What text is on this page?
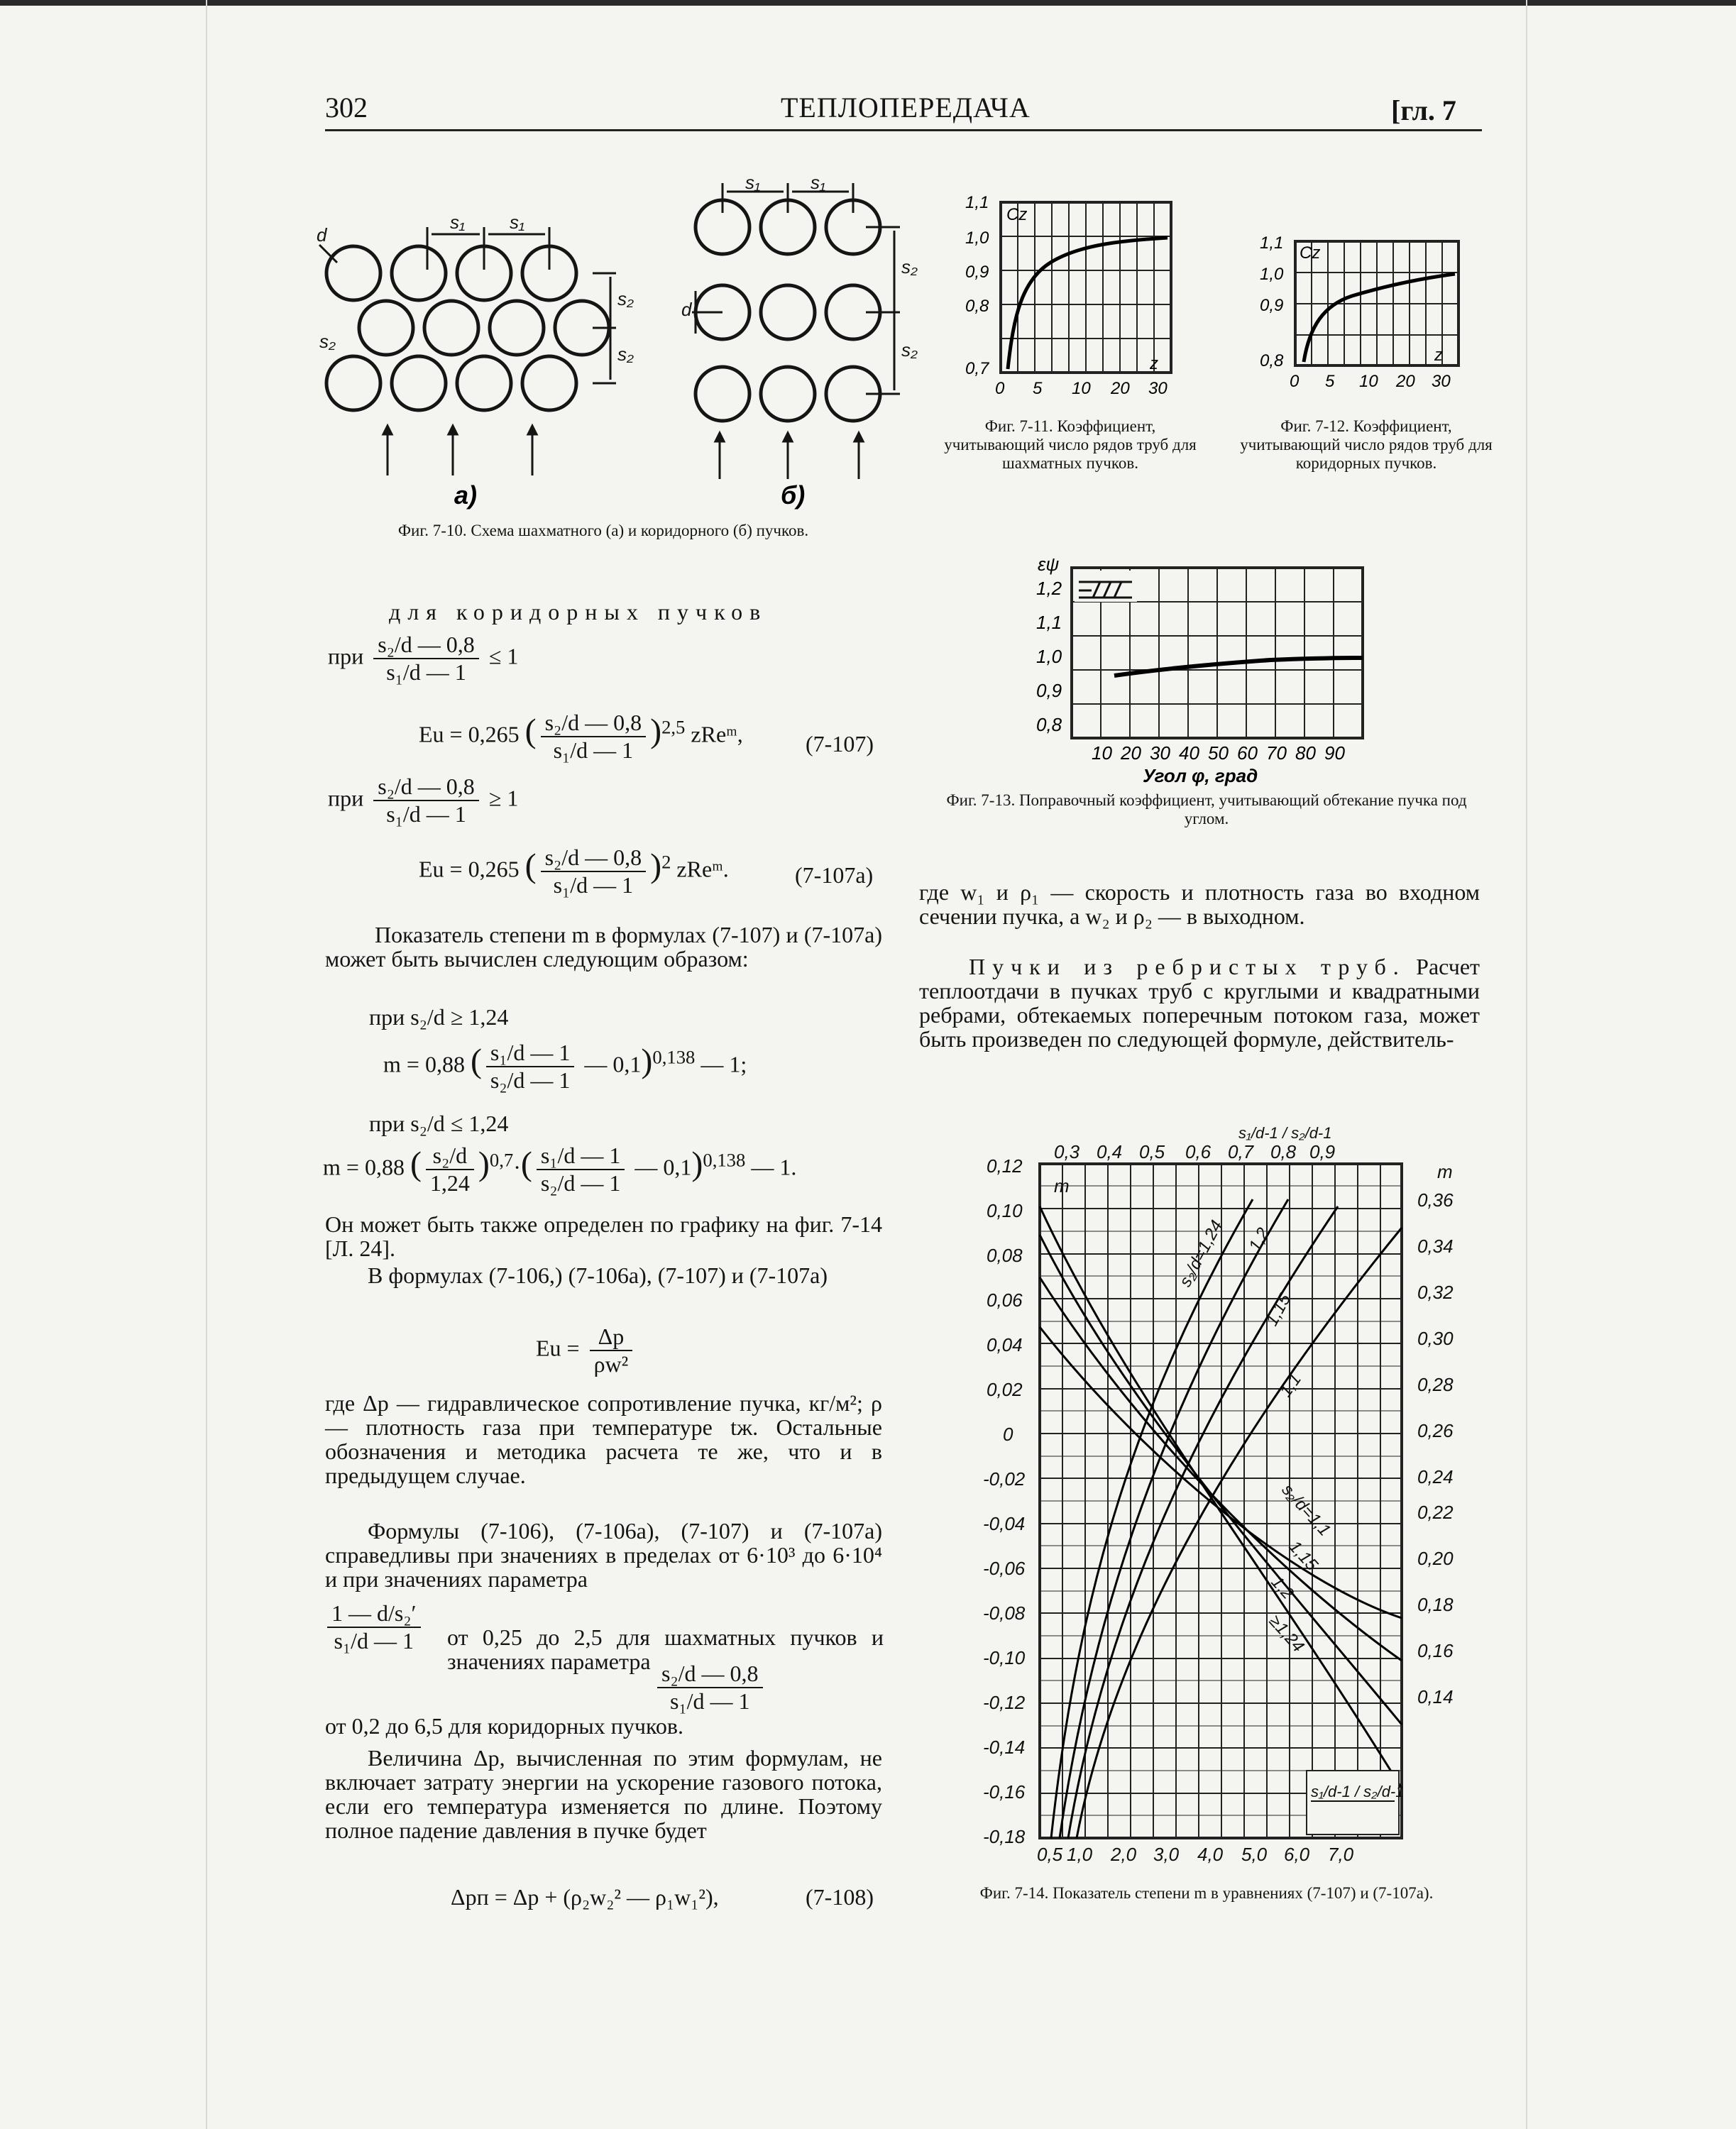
302	ТЕПЛОПЕРЕДАЧА	[гл. 7
s₁ s₁
s₂
s₂
s₁	s₁
s₂
s₂
d
d
s₂
а)	б)
Фиг. 7-10. Схема шахматного (а) и коридорного (б) пучков.
Cz
z
1,1
1,0
0,9
0,8
0,7
0 5 10 20 30
Фиг. 7-11. Коэффициент, учитывающий число рядов труб для шахматных пучков.
Cz
z
1,1
1,0
0,9
0,8
0 5 10 20 30
Фиг. 7-12. Коэффициент, учитывающий число рядов труб для коридорных пучков.
εψ
1,2
1,1
1,0
0,9
0,8
10 20 30 40 50 60 70 80 90
Угол φ, град
Фиг. 7-13. Поправочный коэффициент, учитывающий обтекание пучка под углом.
для коридорных пучков
при $\frac{\text{s₂/d — 0,8}}{\text{s₁/d — 1}} \le 1$
Eu = 0,265 ( $\frac{\text{s₂/d — 0,8}}{\text{s₁/d — 1}} )^{2,5}$ zReᵐ,	(7-107)
при $\frac{\text{s₂/d — 0,8}}{\text{s₁/d — 1}} \ge 1$
Eu = 0,265 ( $\frac{\text{s₂/d — 0,8}}{\text{s₁/d — 1}} )^2$ zReᵐ.	(7-107а)
Показатель степени m в формулах (7-107) и (7-107а) может быть вычислен следующим образом:
при s₂/d ≥ 1,24
m = 0,88 ( $\frac{\text{s₁/d — 1}}{\text{s₂/d — 1}}$ — 0,1)$^{0,138}$ — 1;
при s₂/d ≤ 1,24
m = 0,88 ( $\frac{\text{s₂/d}}{1,24} )^{0,7}\cdot( \frac{\text{s₁/d — 1}}{\text{s₂/d — 1}}$ — 0,1)$^{0,138}$ — 1.
Он может быть также определен по графику на фиг. 7-14 [Л. 24].
В формулах (7-106,) (7-106а), (7-107) и (7-107а)
$Eu = \frac{\Delta p}{\text{ρw²}}$
где Δp — гидравлическое сопротивление пучка, кг/м²; ρ — плотность газа при температуре tж. Остальные обозначения и методика расчета те же, что и в предыдущем случае.
Формулы (7-106), (7-106а), (7-107) и (7-107а) справедливы при значениях в пределах от 6·10³ до 6·10⁴ и при значениях параметра
$\frac{\text{1 — d/s₂′}}{\text{s₁/d — 1}}$ от 0,25 до 2,5 для шахматных пучков и значениях параметра $\frac{\text{s₂/d — 0,8}}{\text{s₁/d — 1}}$
от 0,2 до 6,5 для коридорных пучков.
Величина Δp, вычисленная по этим формулам, не включает затрату энергии на ускорение газового потока, если его температура изменяется по длине. Поэтому полное падение давления в пучке будет
Δpп = Δp + (ρ₂w₂² — ρ₁w₁²),	(7-108)
где w₁ и ρ₁ — скорость и плотность газа во входном сечении пучка, а w₂ и ρ₂ — в выходном.
Пучки из ребристых труб. Расчет теплоотдачи в пучках труб с круглыми и квадратными ребрами, обтекаемых поперечным потоком газа, может быть произведен по следующей формуле, действитель-
s₁/d-1 / s₂/d-1
m
s₁/d-1 / s₂/d-1
m
0,12
0,10
0,08
0,06
0,04
0,02
0
-0,02
-0,04
-0,06
-0,08
-0,10
-0,12
-0,14
-0,16
-0,18
0,36
0,34
0,32
0,30
0,28
0,26
0,24
0,22
0,20
0,18
0,16
0,14
0,3 0,4 0,5 0,6 0,7 0,8 0,9
0,5 1,0 2,0 3,0 4,0 5,0 6,0 7,0
s₂/d=1,24 1,2
1,15
1,1
s₂/d=1,1
1,15
1,2
≥1,24
Фиг. 7-14. Показатель степени m в уравнениях (7-107) и (7-107а).
